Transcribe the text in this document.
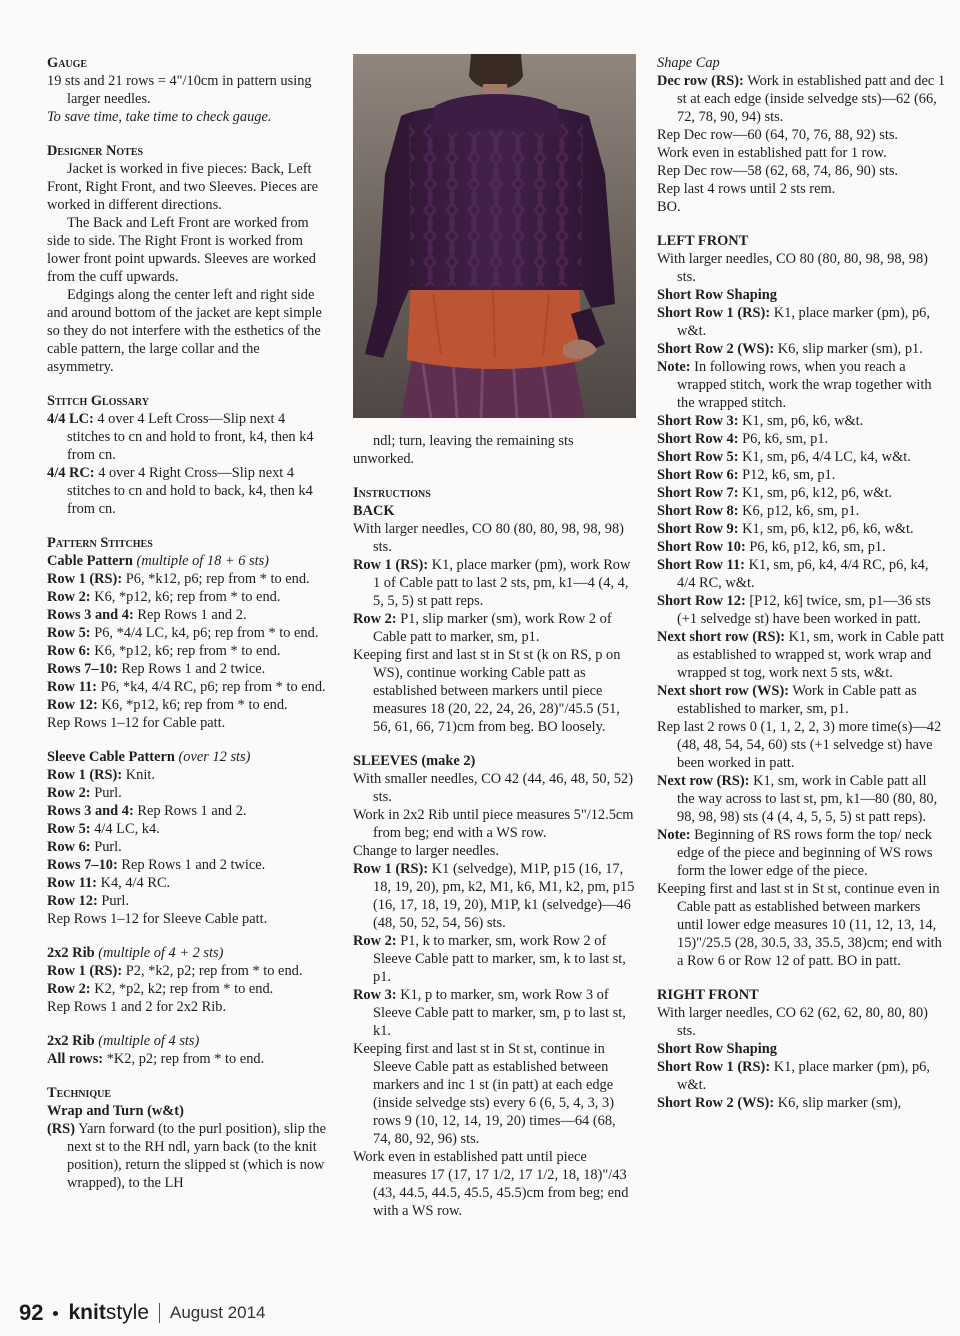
Gauge

19 sts and 21 rows = 4"/10cm in pattern using larger needles.

To save time, take time to check gauge.

Designer Notes

Jacket is worked in five pieces: Back, Left Front, Right Front, and two Sleeves. Pieces are worked in different directions.

The Back and Left Front are worked from side to side. The Right Front is worked from lower front point upwards. Sleeves are worked from the cuff upwards.

Edgings along the center left and right side and around bottom of the jacket are kept simple so they do not interfere with the esthetics of the cable pattern, the large collar and the asymmetry.

Stitch Glossary

4/4 LC: 4 over 4 Left Cross—Slip next 4 stitches to cn and hold to front, k4, then k4 from cn.

4/4 RC: 4 over 4 Right Cross—Slip next 4 stitches to cn and hold to back, k4, then k4 from cn.

Pattern Stitches

Cable Pattern (multiple of 18 + 6 sts)

Row 1 (RS): P6, *k12, p6; rep from * to end.

Row 2: K6, *p12, k6; rep from * to end.

Rows 3 and 4: Rep Rows 1 and 2.

Row 5: P6, *4/4 LC, k4, p6; rep from * to end.

Row 6: K6, *p12, k6; rep from * to end.

Rows 7–10: Rep Rows 1 and 2 twice.

Row 11: P6, *k4, 4/4 RC, p6; rep from * to end.

Row 12: K6, *p12, k6; rep from * to end.

Rep Rows 1–12 for Cable patt.

Sleeve Cable Pattern (over 12 sts)

Row 1 (RS): Knit.

Row 2: Purl.

Rows 3 and 4: Rep Rows 1 and 2.

Row 5: 4/4 LC, k4.

Row 6: Purl.

Rows 7–10: Rep Rows 1 and 2 twice.

Row 11: K4, 4/4 RC.

Row 12: Purl.

Rep Rows 1–12 for Sleeve Cable patt.

2x2 Rib (multiple of 4 + 2 sts)

Row 1 (RS): P2, *k2, p2; rep from * to end.

Row 2: K2, *p2, k2; rep from * to end.

Rep Rows 1 and 2 for 2x2 Rib.

2x2 Rib (multiple of 4 sts)

All rows: *K2, p2; rep from * to end.

Technique

Wrap and Turn (w&t)

(RS) Yarn forward (to the purl position), slip the next st to the RH ndl, yarn back (to the knit position), return the slipped st (which is now wrapped), to the LH

ndl; turn, leaving the remaining sts unworked.

Instructions

BACK

With larger needles, CO 80 (80, 80, 98, 98, 98) sts.

Row 1 (RS): K1, place marker (pm), work Row 1 of Cable patt to last 2 sts, pm, k1—4 (4, 4, 5, 5, 5) st patt reps.

Row 2: P1, slip marker (sm), work Row 2 of Cable patt to marker, sm, p1.

Keeping first and last st in St st (k on RS, p on WS), continue working Cable patt as established between markers until piece measures 18 (20, 22, 24, 26, 28)"/45.5 (51, 56, 61, 66, 71)cm from beg. BO loosely.

SLEEVES (make 2)

With smaller needles, CO 42 (44, 46, 48, 50, 52) sts.

Work in 2x2 Rib until piece measures 5"/12.5cm from beg; end with a WS row.

Change to larger needles.

Row 1 (RS): K1 (selvedge), M1P, p15 (16, 17, 18, 19, 20), pm, k2, M1, k6, M1, k2, pm, p15 (16, 17, 18, 19, 20), M1P, k1 (selvedge)—46 (48, 50, 52, 54, 56) sts.

Row 2: P1, k to marker, sm, work Row 2 of Sleeve Cable patt to marker, sm, k to last st, p1.

Row 3: K1, p to marker, sm, work Row 3 of Sleeve Cable patt to marker, sm, p to last st, k1.

Keeping first and last st in St st, continue in Sleeve Cable patt as established between markers and inc 1 st (in patt) at each edge (inside selvedge sts) every 6 (6, 5, 4, 3, 3) rows 9 (10, 12, 14, 19, 20) times—64 (68, 74, 80, 92, 96) sts.

Work even in established patt until piece measures 17 (17, 17 1/2, 17 1/2, 18, 18)"/43 (43, 44.5, 44.5, 45.5, 45.5)cm from beg; end with a WS row.

Shape Cap

Dec row (RS): Work in established patt and dec 1 st at each edge (inside selvedge sts)—62 (66, 72, 78, 90, 94) sts.

Rep Dec row—60 (64, 70, 76, 88, 92) sts.

Work even in established patt for 1 row.

Rep Dec row—58 (62, 68, 74, 86, 90) sts.

Rep last 4 rows until 2 sts rem.

BO.

LEFT FRONT

With larger needles, CO 80 (80, 80, 98, 98, 98) sts.

Short Row Shaping

Short Row 1 (RS): K1, place marker (pm), p6, w&t.

Short Row 2 (WS): K6, slip marker (sm), p1.

Note: In following rows, when you reach a wrapped stitch, work the wrap together with the wrapped stitch.

Short Row 3: K1, sm, p6, k6, w&t.

Short Row 4: P6, k6, sm, p1.

Short Row 5: K1, sm, p6, 4/4 LC, k4, w&t.

Short Row 6: P12, k6, sm, p1.

Short Row 7: K1, sm, p6, k12, p6, w&t.

Short Row 8: K6, p12, k6, sm, p1.

Short Row 9: K1, sm, p6, k12, p6, k6, w&t.

Short Row 10: P6, k6, p12, k6, sm, p1.

Short Row 11: K1, sm, p6, k4, 4/4 RC, p6, k4, 4/4 RC, w&t.

Short Row 12: [P12, k6] twice, sm, p1—36 sts (+1 selvedge st) have been worked in patt.

Next short row (RS): K1, sm, work in Cable patt as established to wrapped st, work wrap and wrapped st tog, work next 5 sts, w&t.

Next short row (WS): Work in Cable patt as established to marker, sm, p1.

Rep last 2 rows 0 (1, 1, 2, 2, 3) more time(s)—42 (48, 48, 54, 54, 60) sts (+1 selvedge st) have been worked in patt.

Next row (RS): K1, sm, work in Cable patt all the way across to last st, pm, k1—80 (80, 80, 98, 98, 98) sts (4 (4, 4, 5, 5, 5) st patt reps).

Note: Beginning of RS rows form the top/ neck edge of the piece and beginning of WS rows form the lower edge of the piece.

Keeping first and last st in St st, continue even in Cable patt as established between markers until lower edge measures 10 (11, 12, 13, 14, 15)"/25.5 (28, 30.5, 33, 35.5, 38)cm; end with a Row 6 or Row 12 of patt. BO in patt.

RIGHT FRONT

With larger needles, CO 62 (62, 62, 80, 80, 80) sts.

Short Row Shaping

Short Row 1 (RS): K1, place marker (pm), p6, w&t.

Short Row 2 (WS): K6, slip marker (sm),

92 knitstyle August 2014
